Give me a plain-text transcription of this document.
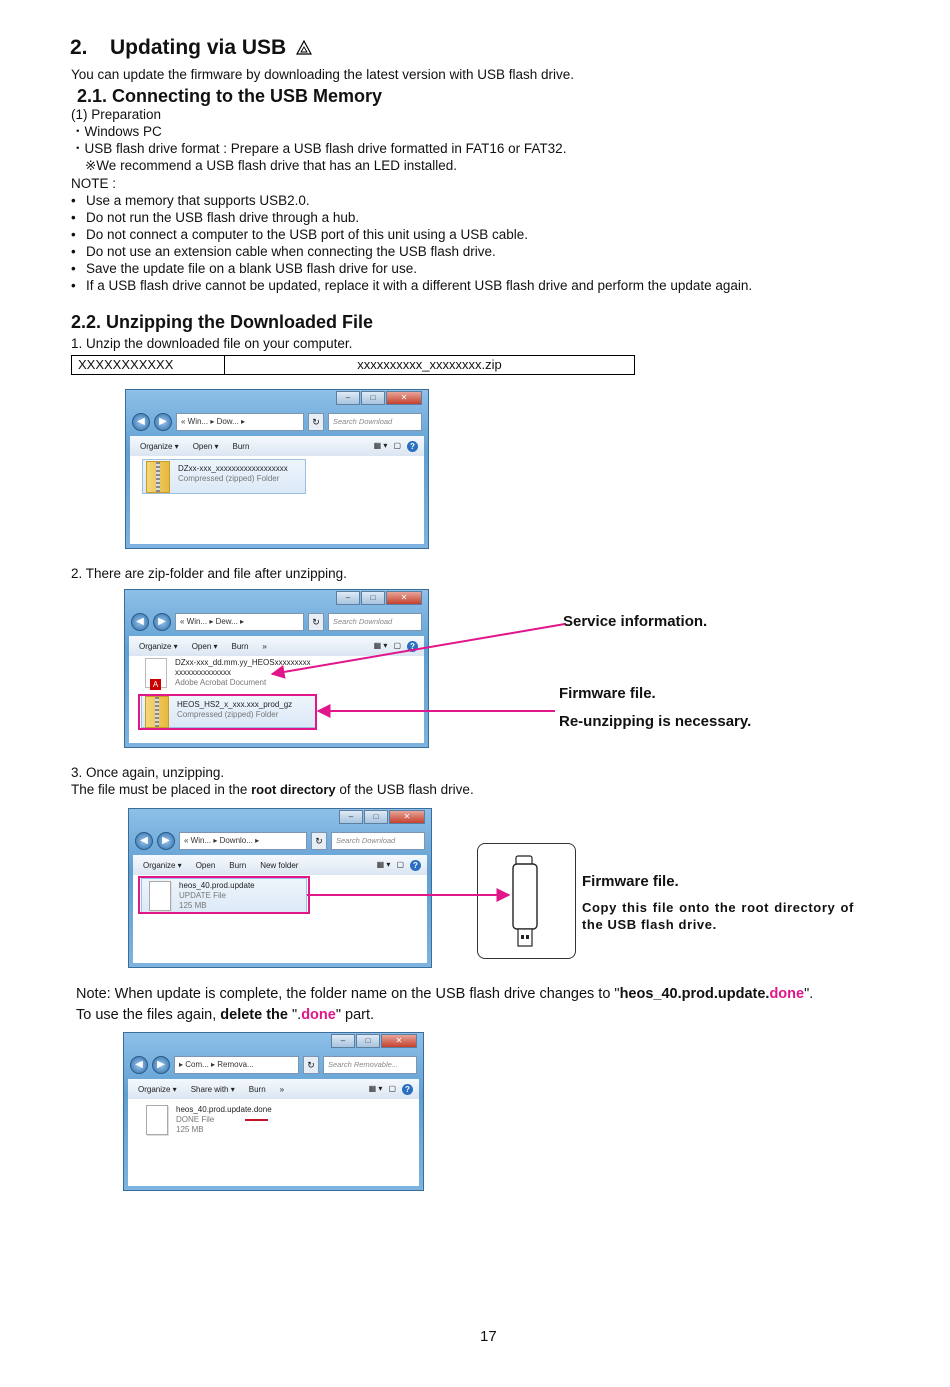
2. Updating via USB
You can update the firmware by downloading the latest version with USB flash drive.
2.1. Connecting to the USB Memory
(1) Preparation
・Windows PC
・USB flash drive format : Prepare a USB flash drive formatted in FAT16 or FAT32.
※We recommend a USB flash drive that has an LED installed.
NOTE :
• Use a memory that supports USB2.0.
• Do not run the USB flash drive through a hub.
• Do not connect a computer to the USB port of this unit using a USB cable.
• Do not use an extension cable when connecting the USB flash drive.
• Save the update file on a blank USB flash drive for use.
• If a USB flash drive cannot be updated, replace it with a different USB flash drive and perform the update again.
2.2. Unzipping the Downloaded File
1. Unzip the downloaded file on your computer.
XXXXXXXXXXX	xxxxxxxxxx_xxxxxxxx.zip
–	□	✕
◀	▶	« Win... ▸ Dow... ▸	↻	Search Download
Organize ▾ Open ▾ Burn	▦ ▾ ▢	?
DZxx-xxx_xxxxxxxxxxxxxxxxxx
Compressed (zipped) Folder
2. There are zip-folder and file after unzipping.
–	□	✕
◀	▶	« Win... ▸ Dew... ▸	↻	Search Download
Organize ▾ Open ▾ Burn »	▦ ▾ ▢	?
A
DZxx-xxx_dd.mm.yy_HEOSxxxxxxxxx
xxxxxxxxxxxxxx
Adobe Acrobat Document
HEOS_HS2_x_xxx.xxx_prod_gz
Compressed (zipped) Folder
Service information.
Firmware file.
Re-unzipping is necessary.
3. Once again, unzipping.
The file must be placed in the root directory of the USB flash drive.
–	□	✕
◀	▶	« Win... ▸ Downlo... ▸	↻	Search Download
Organize ▾ Open Burn New folder	▦ ▾ ▢	?
heos_40.prod.update
UPDATE File
125 MB
Firmware file.
Copy this file onto the root directory of the USB flash drive.
Note: When update is complete, the folder name on the USB flash drive changes to "heos_40.prod.update.done".
To use the files again, delete the ".done" part.
–	□	✕
◀	▶	▸ Com... ▸ Remova...	↻	Search Removable...
Organize ▾ Share with ▾ Burn »	▦ ▾ ▢	?
heos_40.prod.update.done
DONE File
125 MB
17
